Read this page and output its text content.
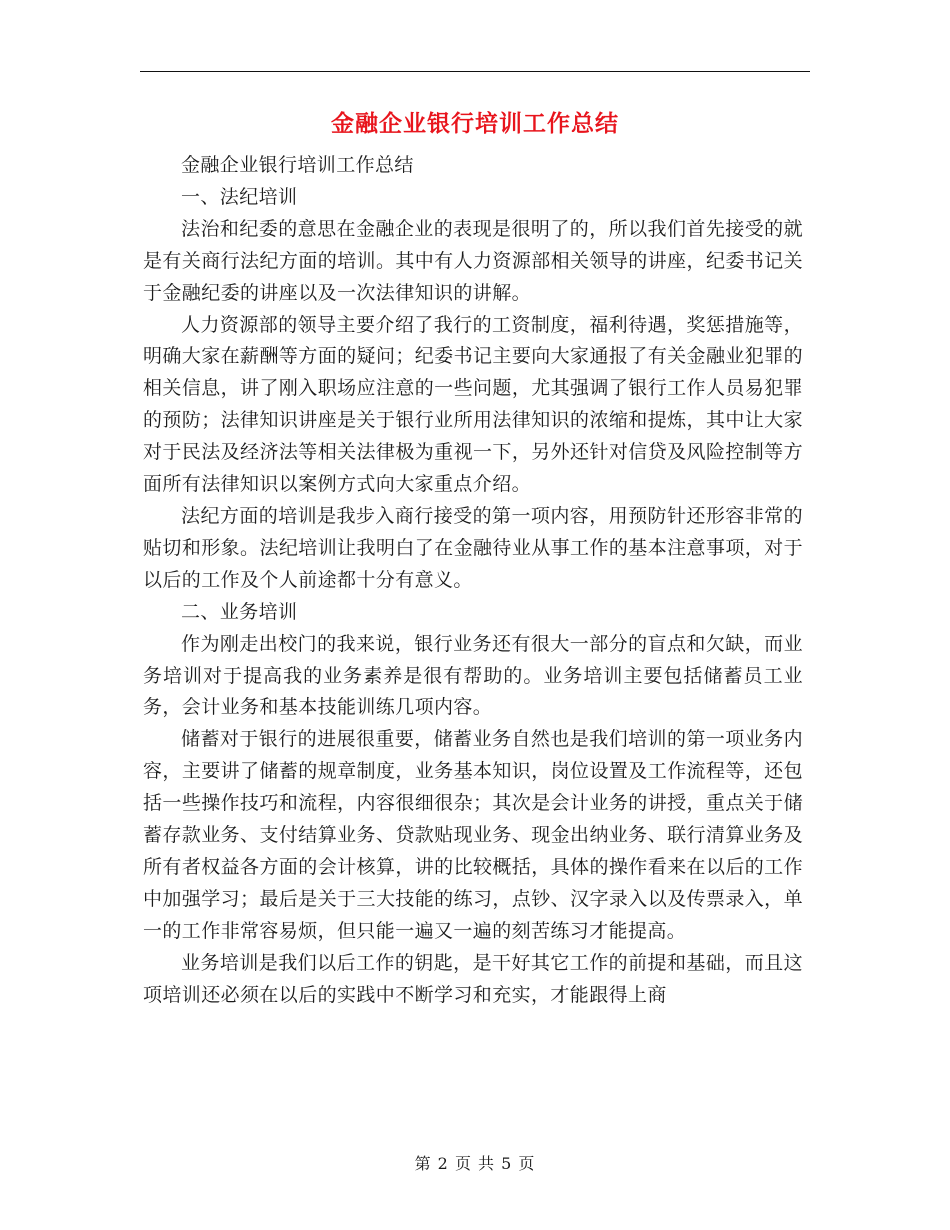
金融企业银行培训工作总结

金融企业银行培训工作总结

一、法纪培训

法治和纪委的意思在金融企业的表现是很明了的，所以我们首先接受的就是有关商行法纪方面的培训。其中有人力资源部相关领导的讲座，纪委书记关于金融纪委的讲座以及一次法律知识的讲解。

人力资源部的领导主要介绍了我行的工资制度，福利待遇，奖惩措施等，明确大家在薪酬等方面的疑问；纪委书记主要向大家通报了有关金融业犯罪的相关信息，讲了刚入职场应注意的一些问题，尤其强调了银行工作人员易犯罪的预防；法律知识讲座是关于银行业所用法律知识的浓缩和提炼，其中让大家对于民法及经济法等相关法律极为重视一下，另外还针对信贷及风险控制等方面所有法律知识以案例方式向大家重点介绍。

法纪方面的培训是我步入商行接受的第一项内容，用预防针还形容非常的贴切和形象。法纪培训让我明白了在金融待业从事工作的基本注意事项，对于以后的工作及个人前途都十分有意义。

二、业务培训

作为刚走出校门的我来说，银行业务还有很大一部分的盲点和欠缺，而业务培训对于提高我的业务素养是很有帮助的。业务培训主要包括储蓄员工业务，会计业务和基本技能训练几项内容。

储蓄对于银行的进展很重要，储蓄业务自然也是我们培训的第一项业务内容，主要讲了储蓄的规章制度，业务基本知识，岗位设置及工作流程等，还包括一些操作技巧和流程，内容很细很杂；其次是会计业务的讲授，重点关于储蓄存款业务、支付结算业务、贷款贴现业务、现金出纳业务、联行清算业务及所有者权益各方面的会计核算，讲的比较概括，具体的操作看来在以后的工作中加强学习；最后是关于三大技能的练习，点钞、汉字录入以及传票录入，单一的工作非常容易烦，但只能一遍又一遍的刻苦练习才能提高。

业务培训是我们以后工作的钥匙，是干好其它工作的前提和基础，而且这项培训还必须在以后的实践中不断学习和充实，才能跟得上商

第 2 页 共 5 页
